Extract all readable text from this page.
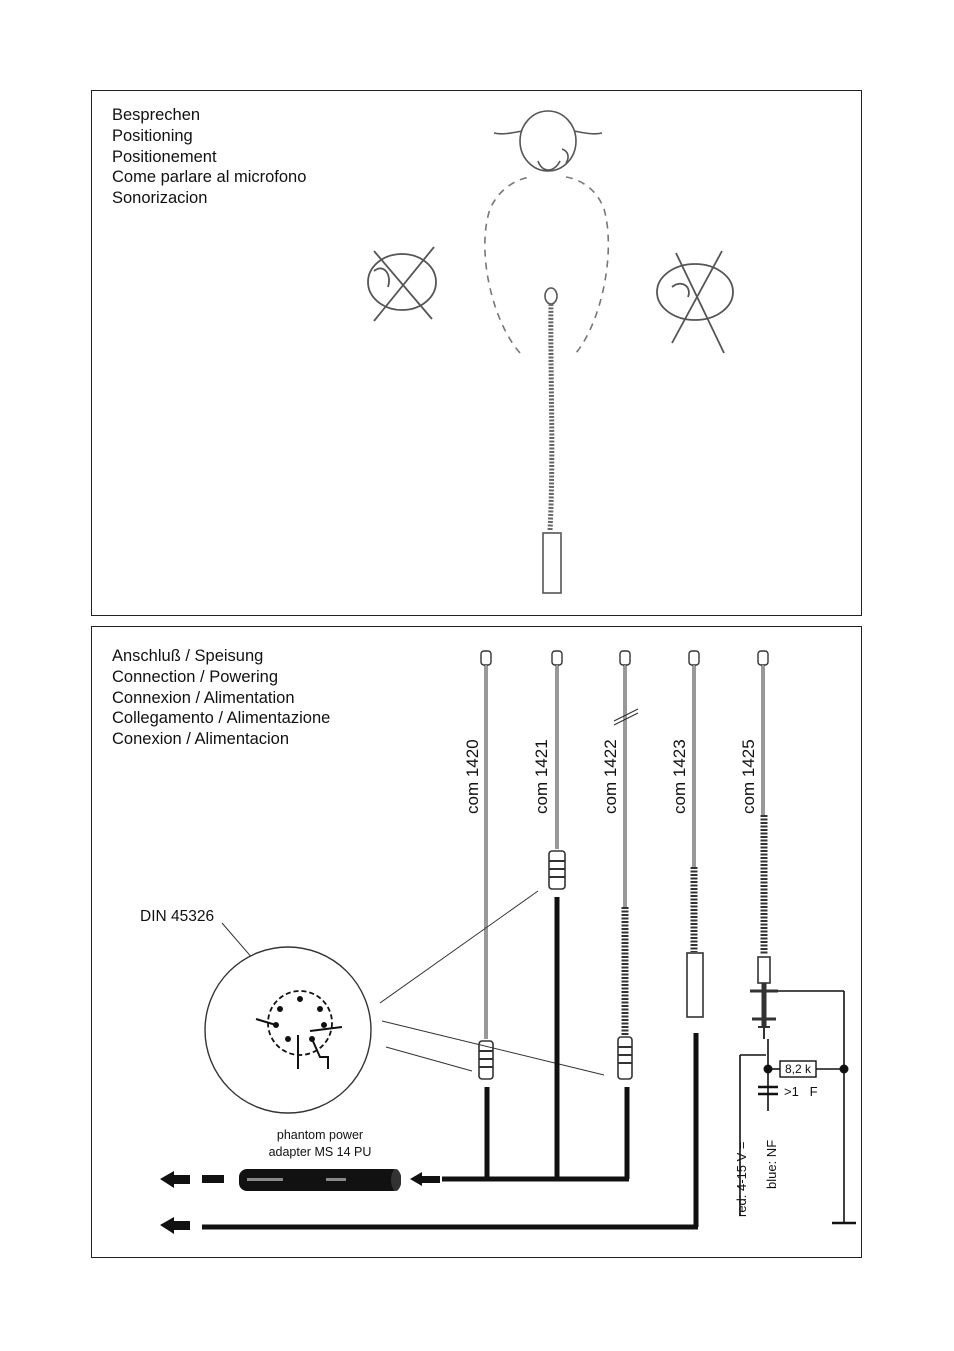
Besprechen
Positioning
Positionement
Come parlare al microfono
Sonorizacion
Anschluß / Speisung
Connection / Powering
Connexion / Alimentation
Collegamento / Alimentazione
Conexion / Alimentacion
com 1420	com 1421	com 1422	com 1423	com 1425
DIN 45326
phantom power
adapter MS 14 PU
8,2 k
>1   F
red: 4-15 V = blue: NF
